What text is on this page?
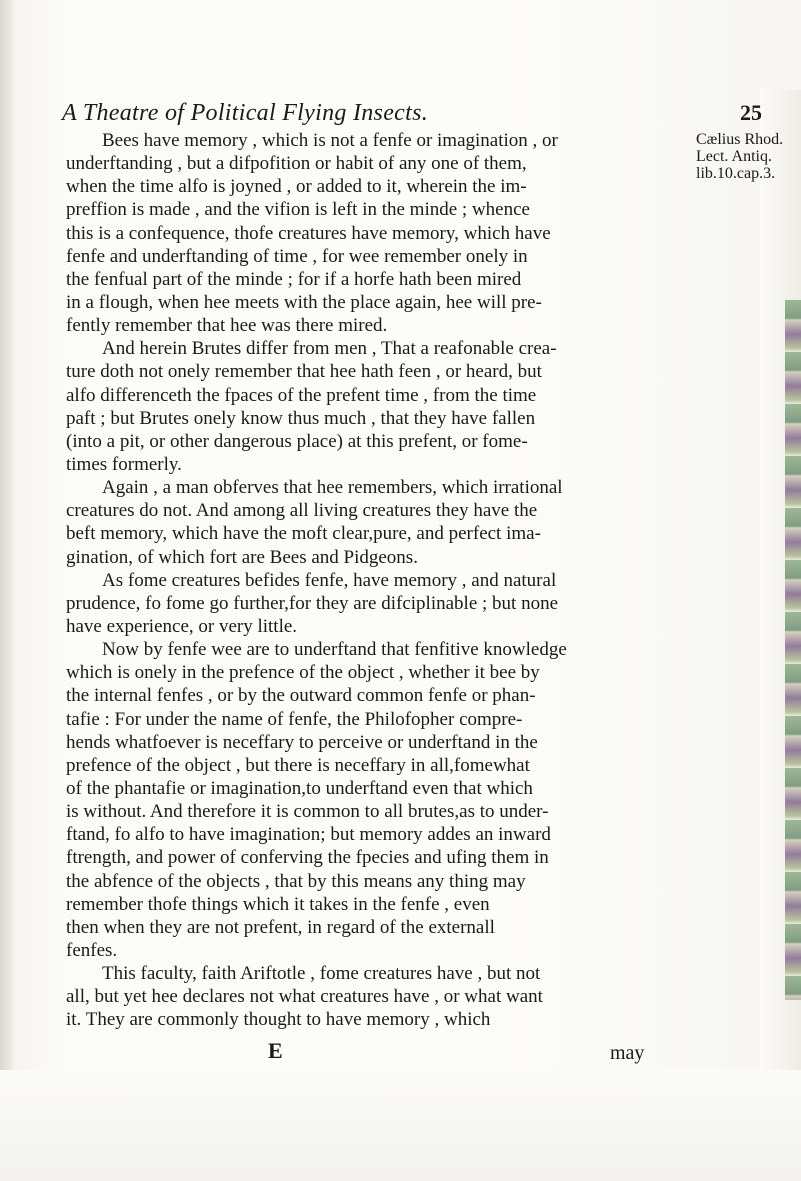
A Theatre of Political Flying Insects.	25
Cælius Rhod.
Lect. Antiq.
lib.10.cap.3.
Bees have memory , which is not a fenfe or imagination , or
underftanding , but a difpofition or habit of any one of them,
when the time alfo is joyned , or added to it, wherein the im-
preffion is made , and the vifion is left in the minde ; whence
this is a confequence, thofe creatures have memory, which have
fenfe and underftanding of time , for wee remember onely in
the fenfual part of the minde ; for if a horfe hath been mired
in a flough, when hee meets with the place again, hee will pre-
fently remember that hee was there mired.
And herein Brutes differ from men , That a reafonable crea-
ture doth not onely remember that hee hath feen , or heard, but
alfo differenceth the fpaces of the prefent time , from the time
paft ; but Brutes onely know thus much , that they have fallen
(into a pit, or other dangerous place) at this prefent, or fome-
times formerly.
Again , a man obferves that hee remembers, which irrational
creatures do not. And among all living creatures they have the
beft memory, which have the moft clear,pure, and perfect ima-
gination, of which fort are Bees and Pidgeons.
As fome creatures befides fenfe, have memory , and natural
prudence, fo fome go further,for they are difciplinable ; but none
have experience, or very little.
Now by fenfe wee are to underftand that fenfitive knowledge
which is onely in the prefence of the object , whether it bee by
the internal fenfes , or by the outward common fenfe or phan-
tafie : For under the name of fenfe, the Philofopher compre-
hends whatfoever is neceffary to perceive or underftand in the
prefence of the object , but there is neceffary in all,fomewhat
of the phantafie or imagination,to underftand even that which
is without. And therefore it is common to all brutes,as to under-
ftand, fo alfo to have imagination; but memory addes an inward
ftrength, and power of conferving the fpecies and ufing them in
the abfence of the objects , that by this means any thing may
remember thofe things which it takes in the fenfe , even
then when they are not prefent, in regard of the externall
fenfes.
This faculty, faith Ariftotle , fome creatures have , but not
all, but yet hee declares not what creatures have , or what want
it. They are commonly thought to have memory , which
E	may
